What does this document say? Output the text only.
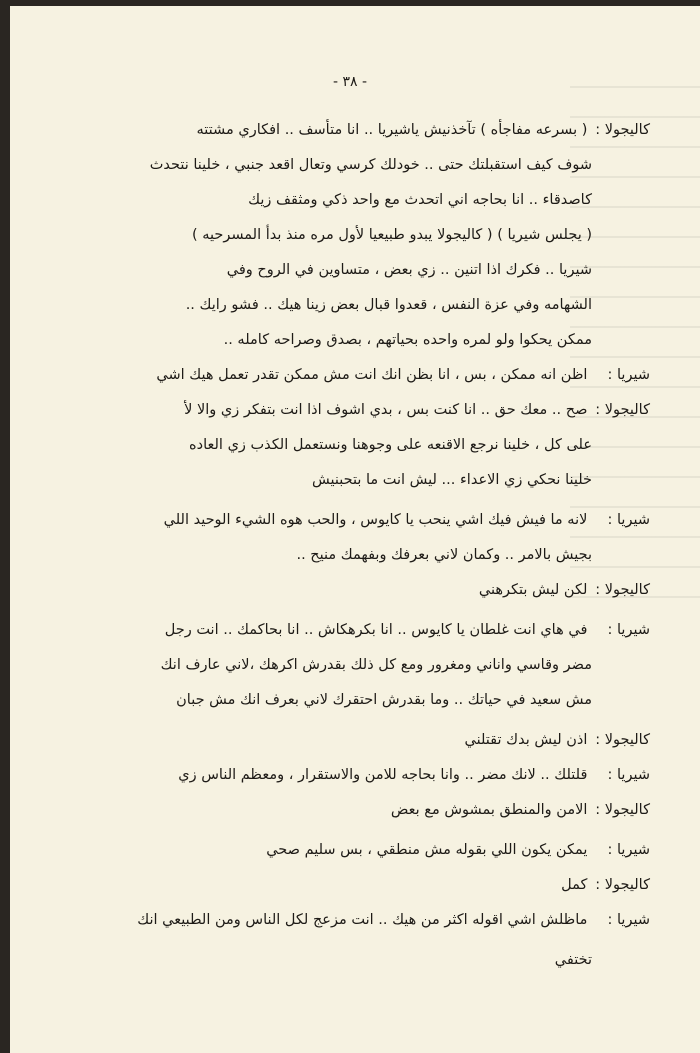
- ٣٨ -
كاليجولا : ( بسرعه مفاجأه ) تآخذنيش ياشيريا .. انا متأسف .. افكاري مشتته
شوف كيف استقبلتك حتى .. خودلك كرسي وتعال اقعد جنبي ، خلينا نتحدث
كاصدقاء .. انا بحاجه اني اتحدث مع واحد ذكي ومثقف زيك
( يجلس شيريا ) ( كاليجولا يبدو طبيعيا لأول مره منذ بدأ المسرحيه )
شيريا .. فكرك اذا اتنين .. زي بعض ، متساوين في الروح وفي
الشهامه وفي عزة النفس ، قعدوا قبال بعض زينا هيك .. فشو رايك ..
ممكن يحكوا ولو لمره واحده بحياتهم ، بصدق وصراحه كامله ..
شيريا : اظن انه ممكن ، بس ، انا بظن انك انت مش ممكن تقدر تعمل هيك اشي
كاليجولا : صح .. معك حق .. انا كنت بس ، بدي اشوف اذا انت بتفكر زي والا لأ
على كل ، خلينا نرجع الاقنعه على وجوهنا ونستعمل الكذب زي العاده
خلينا نحكي زي الاعداء ... ليش انت ما بتحبنيش
شيريا : لانه ما فيش فيك اشي ينحب يا كايوس ، والحب هوه الشيء الوحيد اللي
بجيش بالامر .. وكمان لاني بعرفك وبفهمك منيح ..
كاليجولا : لكن ليش بتكرهني
شيريا : في هاي انت غلطان يا كايوس .. انا بكرهكاش .. انا بحاكمك .. انت رجل
مضر وقاسي واناني ومغرور ومع كل ذلك بقدرش اكرهك ،لاني عارف انك
مش سعيد في حياتك .. وما بقدرش احتقرك لاني بعرف انك مش جبان
كاليجولا : اذن ليش بدك تقتلني
شيريا : قلتلك .. لانك مضر .. وانا بحاجه للامن والاستقرار ، ومعظم الناس زي
كاليجولا : الامن والمنطق بمشوش مع بعض
شيريا : يمكن يكون اللي بقوله مش منطقي ، بس سليم صحي
كاليجولا : كمل
شيريا : ماظلش اشي اقوله اكثر من هيك .. انت مزعج لكل الناس ومن الطبيعي انك
تختفي
